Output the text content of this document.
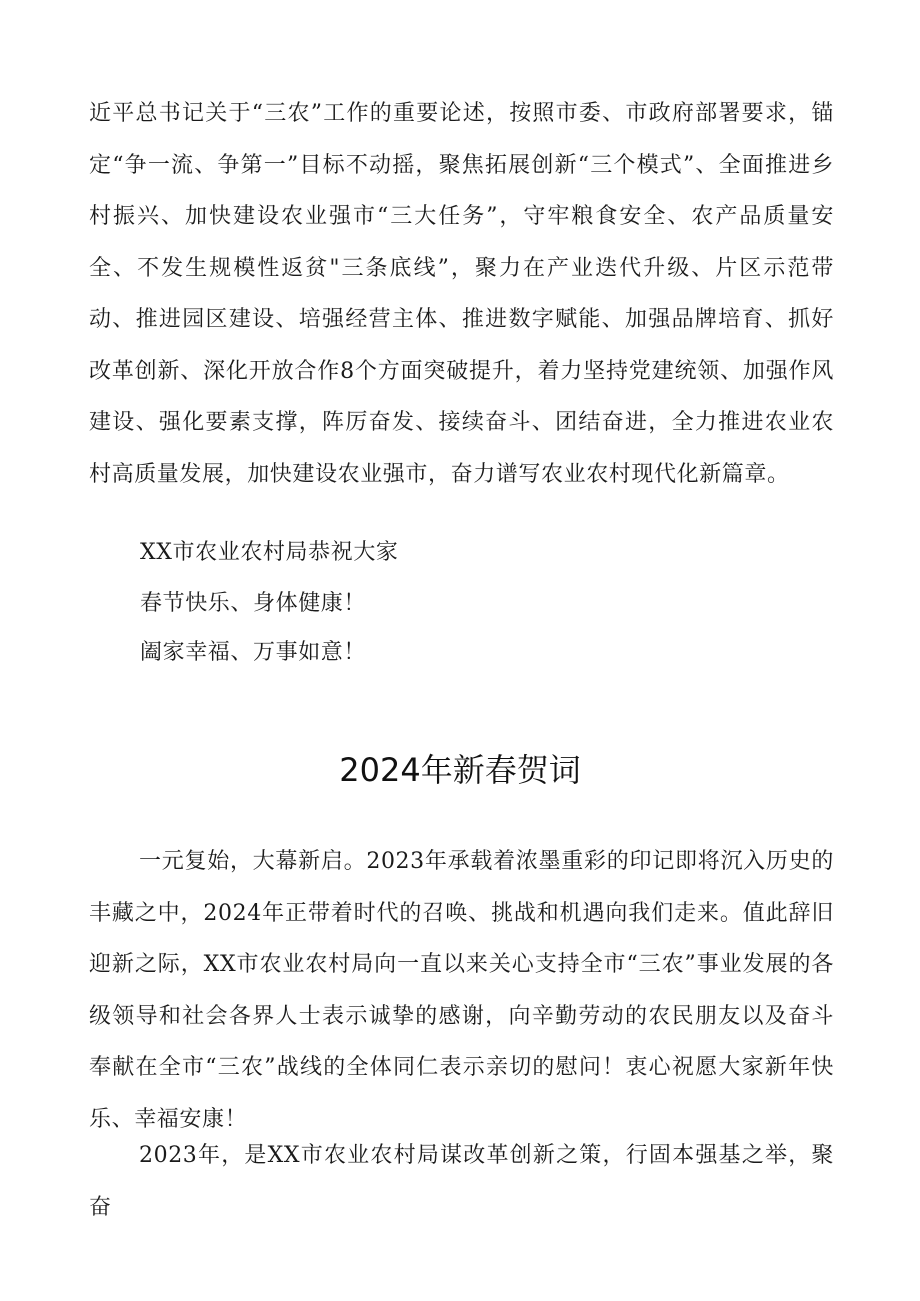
近平总书记关于“三农”工作的重要论述，按照市委、市政府部署要求，锚定“争一流、争第一”目标不动摇，聚焦拓展创新“三个模式”、全面推进乡村振兴、加快建设农业强市“三大任务”，守牢粮食安全、农产品质量安全、不发生规模性返贫"三条底线”，聚力在产业迭代升级、片区示范带动、推进园区建设、培强经营主体、推进数字赋能、加强品牌培育、抓好改革创新、深化开放合作8个方面突破提升，着力坚持党建统领、加强作风建设、强化要素支撑，阵厉奋发、接续奋斗、团结奋进，全力推进农业农村高质量发展，加快建设农业强市，奋力谱写农业农村现代化新篇章。

XX市农业农村局恭祝大家

春节快乐、身体健康！

阖家幸福、万事如意！

2024年新春贺词

一元复始，大幕新启。2023年承载着浓墨重彩的印记即将沉入历史的丰藏之中，2024年正带着时代的召唤、挑战和机遇向我们走来。值此辞旧迎新之际，XX市农业农村局向一直以来关心支持全市“三农”事业发展的各级领导和社会各界人士表示诚挚的感谢，向辛勤劳动的农民朋友以及奋斗奉献在全市“三农”战线的全体同仁表示亲切的慰问！衷心祝愿大家新年快乐、幸福安康！

2023年，是XX市农业农村局谋改革创新之策，行固本强基之举，聚奋
